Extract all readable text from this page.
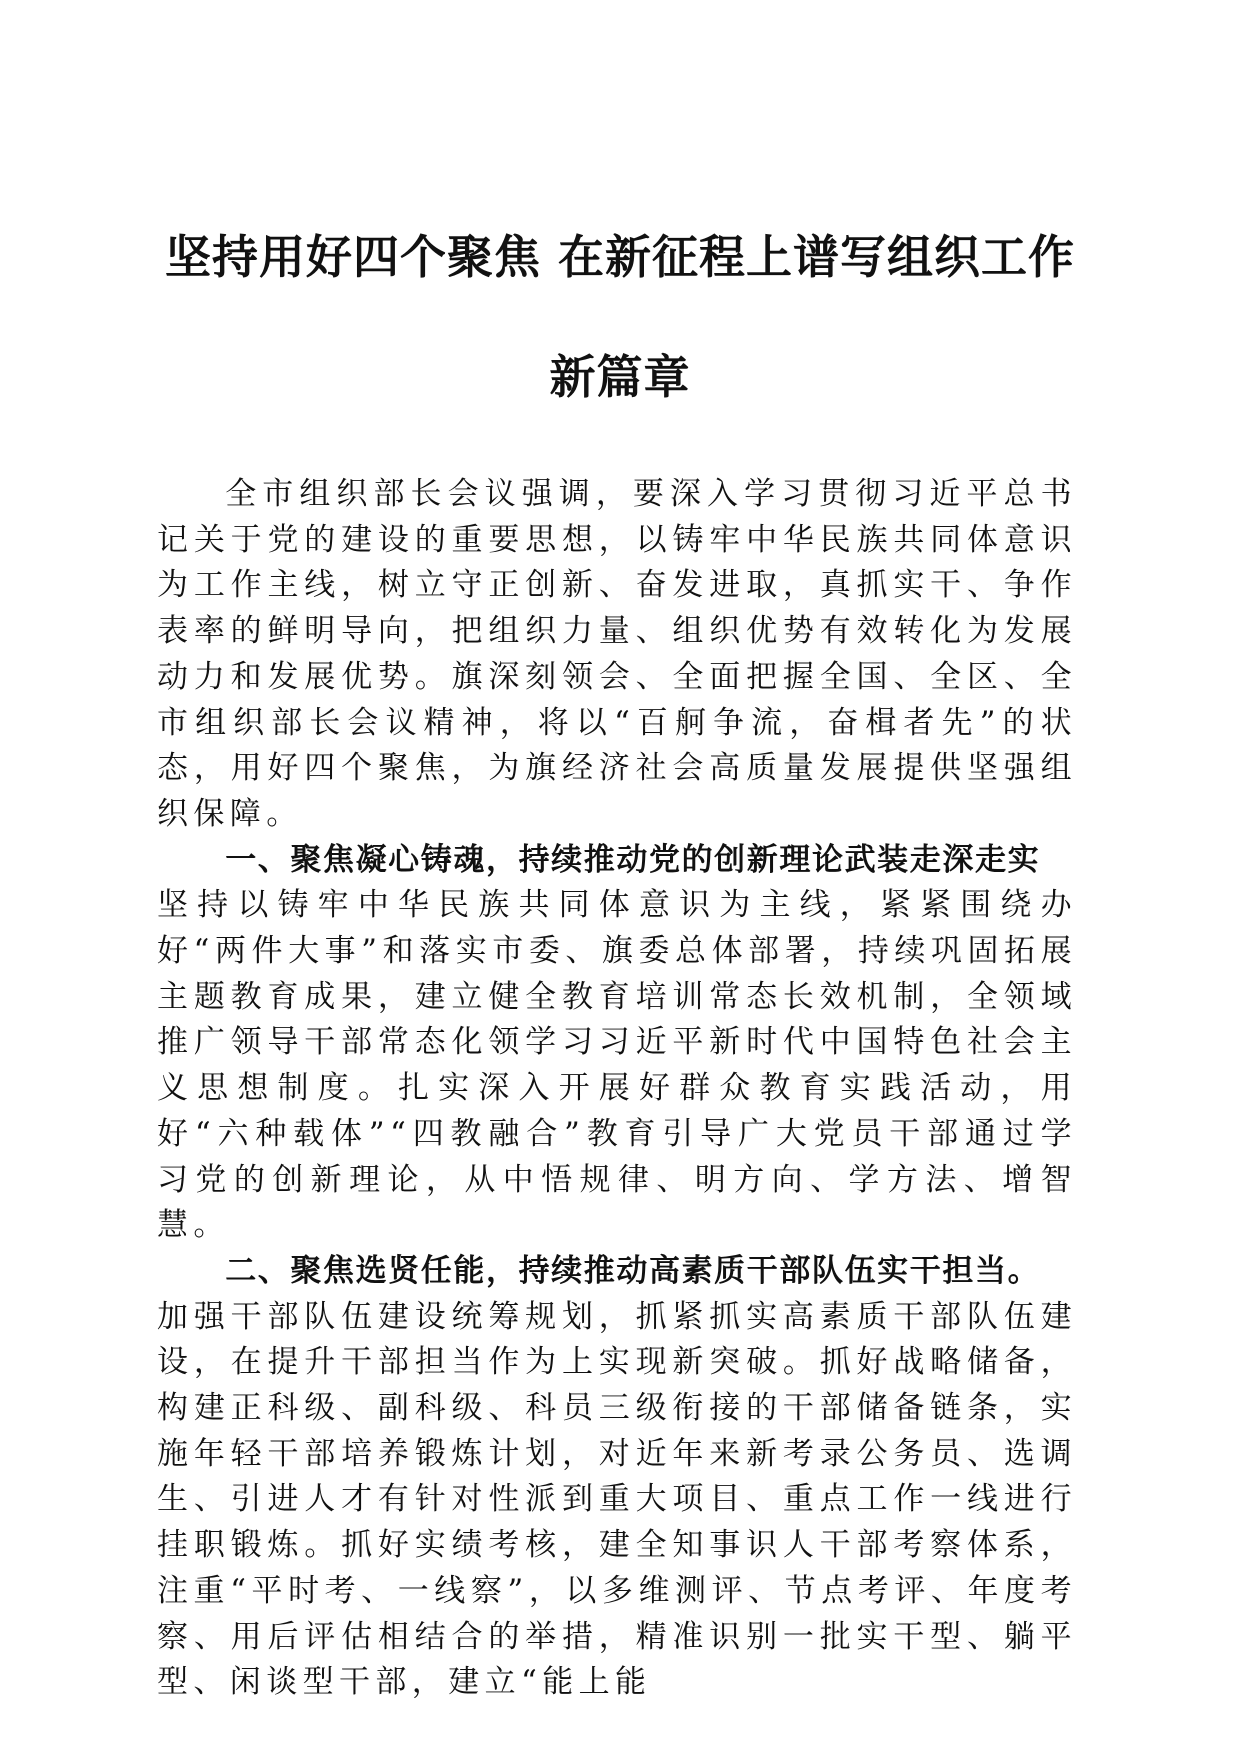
坚持用好四个聚焦 在新征程上谱写组织工作
新篇章

全市组织部长会议强调，要深入学习贯彻习近平总书记关于党的建设的重要思想，以铸牢中华民族共同体意识为工作主线，树立守正创新、奋发进取，真抓实干、争作表率的鲜明导向，把组织力量、组织优势有效转化为发展动力和发展优势。旗深刻领会、全面把握全国、全区、全市组织部长会议精神，将以“百舸争流，奋楫者先”的状态，用好四个聚焦，为旗经济社会高质量发展提供坚强组织保障。

一、聚焦凝心铸魂，持续推动党的创新理论武装走深走实

坚持以铸牢中华民族共同体意识为主线，紧紧围绕办好“两件大事”和落实市委、旗委总体部署，持续巩固拓展主题教育成果，建立健全教育培训常态长效机制，全领域推广领导干部常态化领学习习近平新时代中国特色社会主义思想制度。扎实深入开展好群众教育实践活动，用好“六种载体”“四教融合”教育引导广大党员干部通过学习党的创新理论，从中悟规律、明方向、学方法、增智慧。

二、聚焦选贤任能，持续推动高素质干部队伍实干担当。

加强干部队伍建设统筹规划，抓紧抓实高素质干部队伍建设，在提升干部担当作为上实现新突破。抓好战略储备，构建正科级、副科级、科员三级衔接的干部储备链条，实施年轻干部培养锻炼计划，对近年来新考录公务员、选调生、引进人才有针对性派到重大项目、重点工作一线进行挂职锻炼。抓好实绩考核，建全知事识人干部考察体系，注重“平时考、一线察”，以多维测评、节点考评、年度考察、用后评估相结合的举措，精准识别一批实干型、躺平型、闲谈型干部，建立“能上能
